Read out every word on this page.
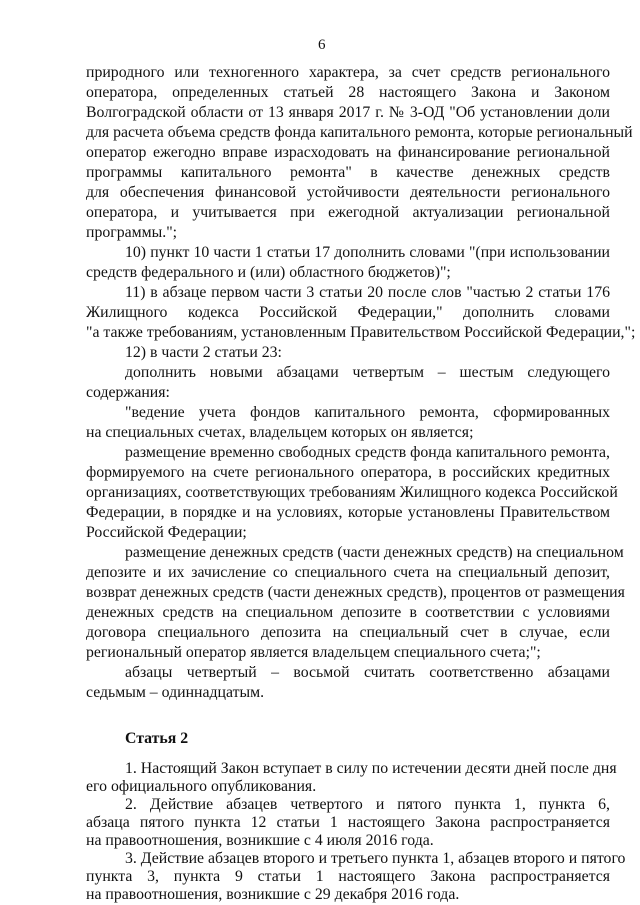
6
природного или техногенного характера, за счет средств регионального
оператора, определенных статьей 28 настоящего Закона и Законом
Волгоградской области от 13 января 2017 г. № 3-ОД "Об установлении доли
для расчета объема средств фонда капитального ремонта, которые региональный
оператор ежегодно вправе израсходовать на финансирование региональной
программы капитального ремонта" в качестве денежных средств
для обеспечения финансовой устойчивости деятельности регионального
оператора, и учитывается при ежегодной актуализации региональной
программы.";
10) пункт 10 части 1 статьи 17 дополнить словами "(при использовании
средств федерального и (или) областного бюджетов)";
11) в абзаце первом части 3 статьи 20 после слов "частью 2 статьи 176
Жилищного кодекса Российской Федерации," дополнить словами
"а также требованиям, установленным Правительством Российской Федерации,";
12) в части 2 статьи 23:
дополнить новыми абзацами четвертым – шестым следующего
содержания:
"ведение учета фондов капитального ремонта, сформированных
на специальных счетах, владельцем которых он является;
размещение временно свободных средств фонда капитального ремонта,
формируемого на счете регионального оператора, в российских кредитных
организациях, соответствующих требованиям Жилищного кодекса Российской
Федерации, в порядке и на условиях, которые установлены Правительством
Российской Федерации;
размещение денежных средств (части денежных средств) на специальном
депозите и их зачисление со специального счета на специальный депозит,
возврат денежных средств (части денежных средств), процентов от размещения
денежных средств на специальном депозите в соответствии с условиями
договора специального депозита на специальный счет в случае, если
региональный оператор является владельцем специального счета;";
абзацы четвертый – восьмой считать соответственно абзацами
седьмым – одиннадцатым.
Статья 2
1. Настоящий Закон вступает в силу по истечении десяти дней после дня
его официального опубликования.
2. Действие абзацев четвертого и пятого пункта 1, пункта 6,
абзаца пятого пункта 12 статьи 1 настоящего Закона распространяется
на правоотношения, возникшие с 4 июля 2016 года.
3. Действие абзацев второго и третьего пункта 1, абзацев второго и пятого
пункта 3, пункта 9 статьи 1 настоящего Закона распространяется
на правоотношения, возникшие с 29 декабря 2016 года.
